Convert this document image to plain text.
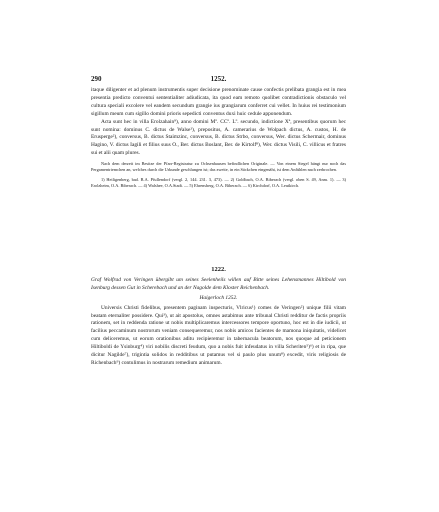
290	1252.

itaque diligenter et ad plenum instrumentis super decisione prenominate cause confectis prelibata grangia est in mea presentia predicto conventui sententialiter adiudicata, ita quod eam remoto quolibet contradictionis obstaculo vel cultura speciali excolere vel eandem secundum grangie ius grangiarum conferret cui vellet. In huius rei testimonium sigillum meum cum sigillo domini prioris sepedicti conventus duxi huic cedule apponendum.

Acta sunt hec in villa Erolzahain⁹), anno domini Mº. CCº. Lº. secundo, indictione Xª, presentibus quorum hec sunt nomina: dominus C. dictus de Walse¹), prepositus, A. camerarius de Wolpach dictus, A. custos, H. de Erusperge²), conversus, B. dictus Staimzinc, conversus, B. dictus Strbo, conversus, Wer. dictus Schermair, dominus Hagino, V. dictus Iagili et filius suus O., Ber. dictus Boslant, Ber. de Kirtolf⁸), Wer. dictus Visili, C. villicus et fratres sui et alii quam plures.

Nach dem derzeit im Besitze der Pfarr-Registratur zu Ochsenhausen befindlichen Originale. — Von einem Siegel hängt nur noch das Pergamentriemchen an, welches durch die Urkunde geschlungen ist; das zweite, in ein Säckchen eingenäht, ist dem Anfühlen nach zerbrochen.

1) Heiligenberg, bad. B.A. Pfullendorf (vergl. 2, 144. 231. 3, 473). — 2) Goldbach, O.A. Biberach (vergl. oben S. 49, Anm. 1). — 3) Erolzheim, O.A. Biberach. — 4) Walshee, O.A.Stadt. — 5) Ehrensberg, O.A. Biberach. — 6) Kirchdorf, O.A. Leutkirch.

1222.

Graf Wolfrad von Veringen übergibt um seines Seelenheils willen auf Bitte seines Lehensmannes Hiltibold von Isenburg dessen Gut in Scherebach und an der Nagolde dem Kloster Reichenbach.

Haigerloch 1252.

Universis Christi fidelibus, presentem paginam inspecturis, Vlricus¹) comes de Veringen²) unique filii vitam beatam eternaliter possidere. Qui³), ut ait apostolus, omnes astabimus ante tribunal Christi redditur de factis propriis rationem, set in reddenda ratione ut nobis multiplicaremus intercessores tempore oportuno, hoc est in die iudicii, ut facilius peccaminum nostrorum veniam consequeremur, nos nobis amicos facientes de mamona iniquitatis, videlicet cum deliceremus, ut eorum orationibus aditu recipieremur in tabernacula beatorum, nos quoque ad peticionem Hiltiboldi de Ysinburg⁴) viri nobilis discreti feudum, quo a nobis fuit infeudatus in villa Scheriten⁵)⁶) et in ripa, que dicitur Nagilde⁷), trigintia solidos in redditibus ut putamus vel si paulo plus unum⁸) excedit, viris religiosis de Richenbach⁹) contulimus in nostrarum remedium animarum.
